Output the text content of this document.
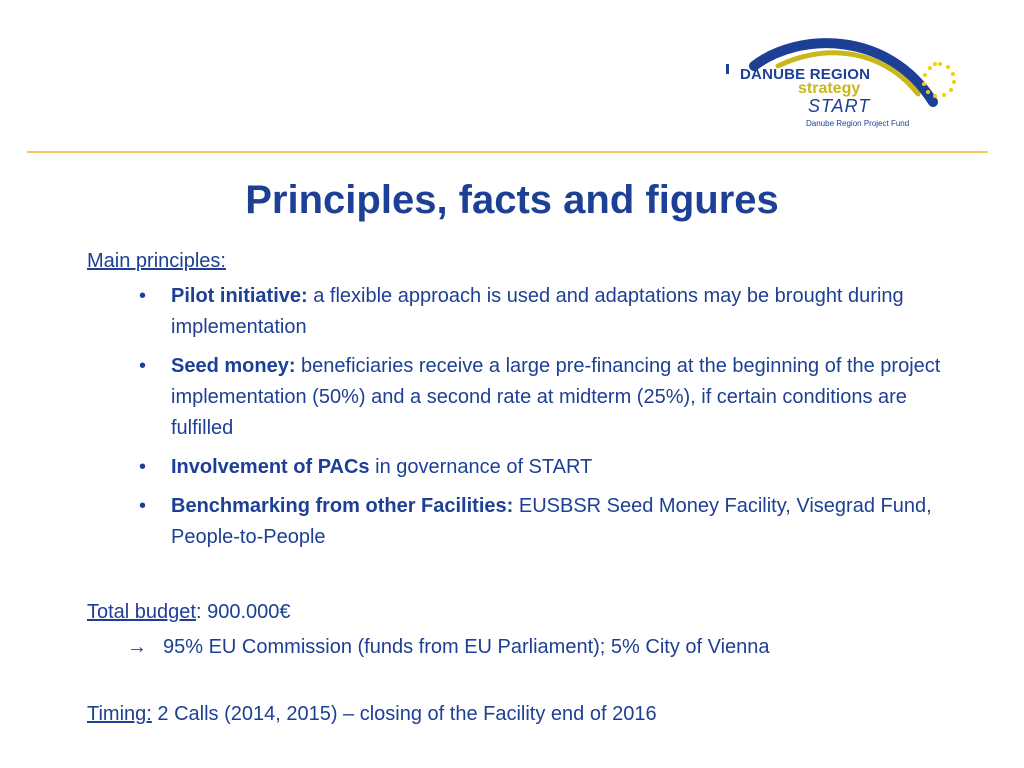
DANUBE REGION
strategy
START
Danube Region Project Fund
Principles, facts and figures

Main principles:

• Pilot initiative: a flexible approach is used and adaptations may be brought during implementation
• Seed money: beneficiaries receive a large pre-financing at the beginning of the project implementation (50%) and a second rate at midterm (25%), if certain conditions are fulfilled
• Involvement of PACs in governance of START
• Benchmarking from other Facilities: EUSBSR Seed Money Facility, Visegrad Fund, People-to-People

Total budget: 900.000€

→ 95% EU Commission (funds from EU Parliament); 5% City of Vienna

Timing: 2 Calls (2014, 2015) – closing of the Facility end of 2016
